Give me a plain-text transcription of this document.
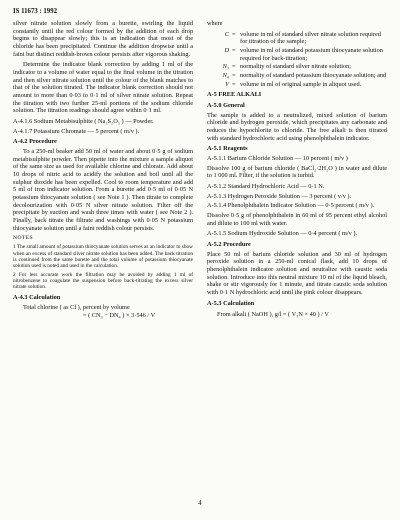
IS 11673 : 1992

silver nitrate solution slowly from a burette, swirling the liquid constantly until the red colour formed by the addition of each drop begins to disappear slowly; this is an indication that most of the chloride has been precipitated. Continue the addition dropwise until a faint but distinct reddish-brown colour persists after vigorous shaking.

Determine the indicator blank correction by adding 1 ml of the indicator to a volume of water equal to the final volume in the titration and then silver nitrate solution until the colour of the blank matches to that of the solution titrated. The indicator blank correction should not amount to more than 0·03 to 0·1 ml of silver nitrate solution. Repeat the titration with two further 25-ml portions of the sodium chloride solution. The titration readings should agree within 0·1 ml.

A-4.1.6 Sodium Metabisulphite ( Na₂S₂O₅ ) — Powder.

A-4.1.7 Potassium Chromate — 5 percent ( m/v ).

A-4.2 Procedure

To a 250-ml beaker add 50 ml of water and about 0·5 g of sodium metabisulphite powder. Then pipette into the mixture a sample aliquot of the same size as used for available chlorine and chlorate. Add about 10 drops of nitric acid to acidify the solution and boil until all the sulphur dioxide has been expelled. Cool to room temperature and add 5 ml of iron indicator solution. From a burette add 0·5 ml of 0·05 N potassium thiocyanate solution ( see Note 1 ). Then titrate to complete decolourization with 0·05 N silver nitrate solution. Filter off the precipitate by suction and wash three times with water ( see Note 2 ). Finally, back titrate the filtrate and washings with 0·05 N potassium thiocyanate solution until a faint reddish colour persists.

NOTES

1 The small amount of potassium thiocyanate solution serves as an indicator to show when an excess of standard silver nitrate solution has been added. The back titration is continued from the same burette and the total volume of potassium thiocyanate solution used is noted and used in the calculation.

2 For less accurate work the filtration may be avoided by adding 1 ml of nitrobenzene to coagulate the suspension before back-titrating the excess silver nitrate solution.

A-4.3 Calculation
Total chlorine ( as Cl ), percent by volume
= ( CN₃ − DN₄ ) × 3·546 / V

where

C = volume in ml of standard silver nitrate solution required for titration of the sample;
D = volume in ml of standard potassium thiocyanate solution required for back-titration;
N₃ = normality of standard silver nitrate solution;
N₄ = normality of standard potassium thiocyanate solution; and
V = volume in ml of original sample in aliquot used.
A-5 FREE ALKALI
A-5.0 General

The sample is added to a neutralized, mixed solution of barium chloride and hydrogen peroxide, which precipitates any carbonate and reduces the hypochlorite to chloride. The free alkali is then titrated with standard hydrochloric acid using phenolphthalein indicator.

A-5.1 Reagents

A-5.1.1 Barium Chloride Solution — 10 percent ( m/v )

Dissolve 100 g of barium chloride ( BaCl₂·2H₂O ) in water and dilute to 1 000 ml. Filter, if the solution is turbid.

A-5.1.2 Standard Hydrochloric Acid — 0·1 N.

A-5.1.3 Hydrogen Peroxide Solution — 3 percent ( v/v ).

A-5.1.4 Phenolphthalein Indicator Solution — 0·5 percent ( m/v ).

Dissolve 0·5 g of phenolphthalein in 60 ml of 95 percent ethyl alcohol and dilute to 100 ml with water.

A-5.1.5 Sodium Hydroxide Solution — 0·4 percent ( m/v ).

A-5.2 Procedure

Place 50 ml of barium chloride solution and 30 ml of hydrogen peroxide solution in a 250-ml conical flask, add 10 drops of phenolphthalein indicator solution and neutralize with caustic soda solution. Introduce into this neutral mixture 10 ml of the liquid bleach, shake or stir vigorously for 1 minute, and titrate caustic soda solution with 0·1 N hydrochloric acid until the pink colour disappears.

A-5.3 Calculation
From alkali ( NaOH ), g/l = ( V₁N × 40 ) / V
4
